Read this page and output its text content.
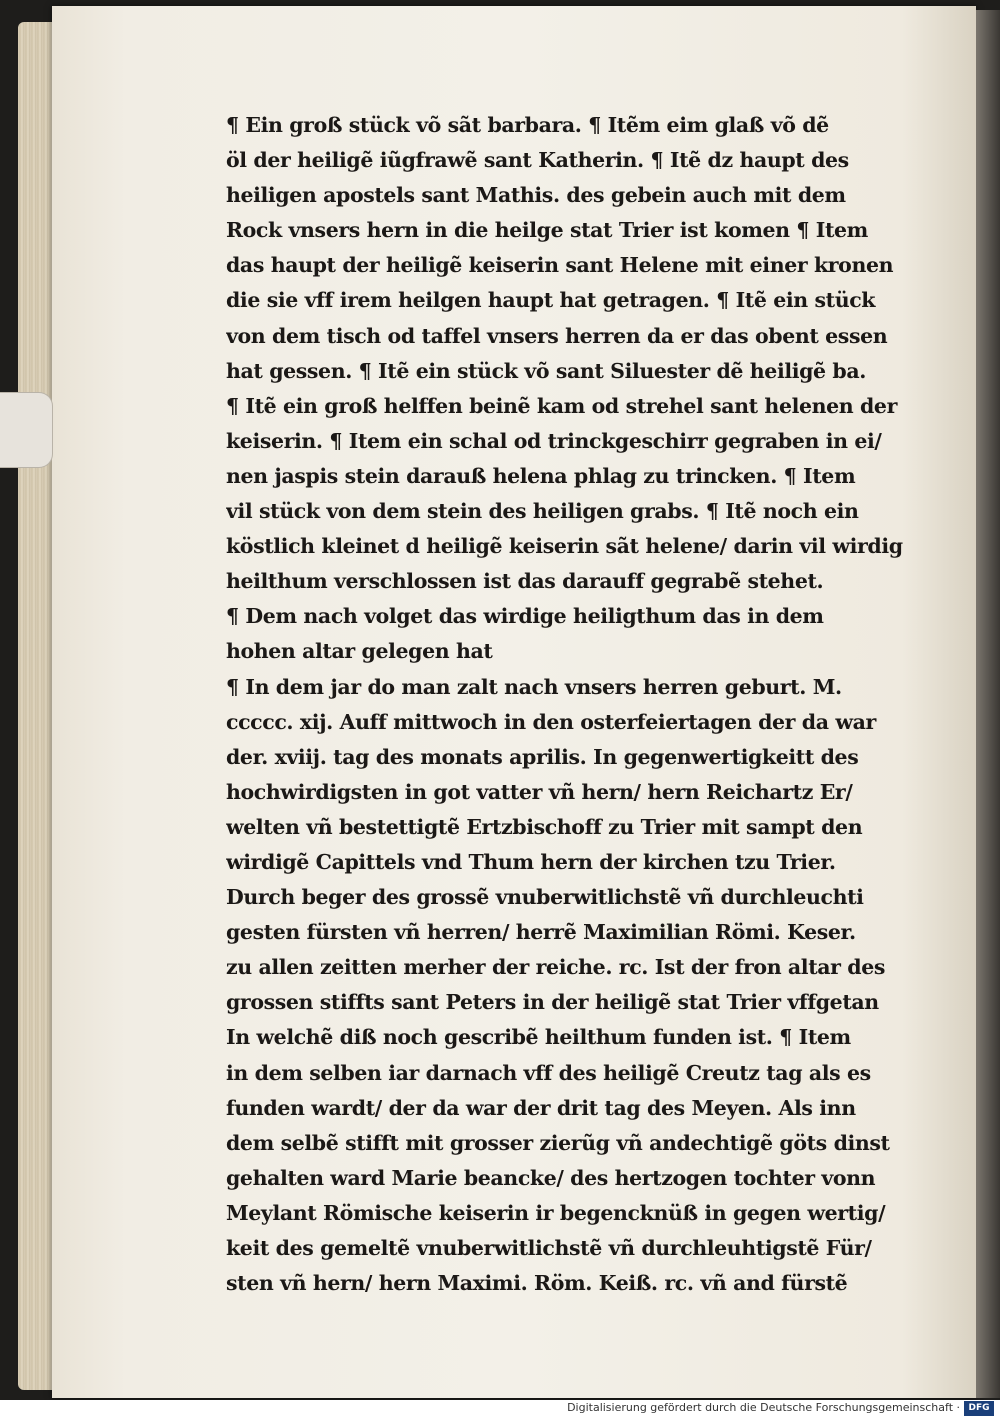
¶ Ein groß stück võ sãt barbara. ¶ Itẽm eim glaß võ dẽ
öl der heiligẽ iũgfrawẽ sant Katherin. ¶ Itẽ dz haupt des
heiligen apostels sant Mathis. des gebein auch mit dem
Rock vnsers hern in die heilge stat Trier ist komen ¶ Item
das haupt der heiligẽ keiserin sant Helene mit einer kronen
die sie vff irem heilgen haupt hat getragen. ¶ Itẽ ein stück
von dem tisch od taffel vnsers herren da er das obent essen
hat gessen. ¶ Itẽ ein stück võ sant Siluester dẽ heiligẽ ba.
¶ Itẽ ein groß helffen beinẽ kam od strehel sant helenen der
keiserin. ¶ Item ein schal od trinckgeschirr gegraben in ei/
nen jaspis stein darauß helena phlag zu trincken. ¶ Item
vil stück von dem stein des heiligen grabs. ¶ Itẽ noch ein
köstlich kleinet d heiligẽ keiserin sãt helene/ darin vil wirdig
heilthum verschlossen ist das darauff gegrabẽ stehet.
¶ Dem nach volget das wirdige heiligthum das in dem
hohen altar gelegen hat
¶ In dem jar do man zalt nach vnsers herren geburt. M.
ccccc. xij. Auff mittwoch in den osterfeiertagen der da war
der. xviij. tag des monats aprilis. In gegenwertigkeitt des
hochwirdigsten in got vatter vñ hern/ hern Reichartz Er/
welten vñ bestettigtẽ Ertzbischoff zu Trier mit sampt den
wirdigẽ Capittels vnd Thum hern der kirchen tzu Trier.
Durch beger des grossẽ vnuberwitlichstẽ vñ durchleuchti
gesten fürsten vñ herren/ herrẽ Maximilian Römi. Keser.
zu allen zeitten merher der reiche. rc. Ist der fron altar des
grossen stiffts sant Peters in der heiligẽ stat Trier vffgetan
In welchẽ diß noch gescribẽ heilthum funden ist. ¶ Item
in dem selben iar darnach vff des heiligẽ Creutz tag als es
funden wardt/ der da war der drit tag des Meyen. Als inn
dem selbẽ stifft mit grosser zierũg vñ andechtigẽ göts dinst
gehalten ward Marie beancke/ des hertzogen tochter vonn
Meylant Römische keiserin ir begencknüß in gegen wertig/
keit des gemeltẽ vnuberwitlichstẽ vñ durchleuhtigstẽ Für/
sten vñ hern/ hern Maximi. Röm. Keiß. rc. vñ and fürstẽ
Digitalisierung gefördert durch die Deutsche Forschungsgemeinschaft · DFG
